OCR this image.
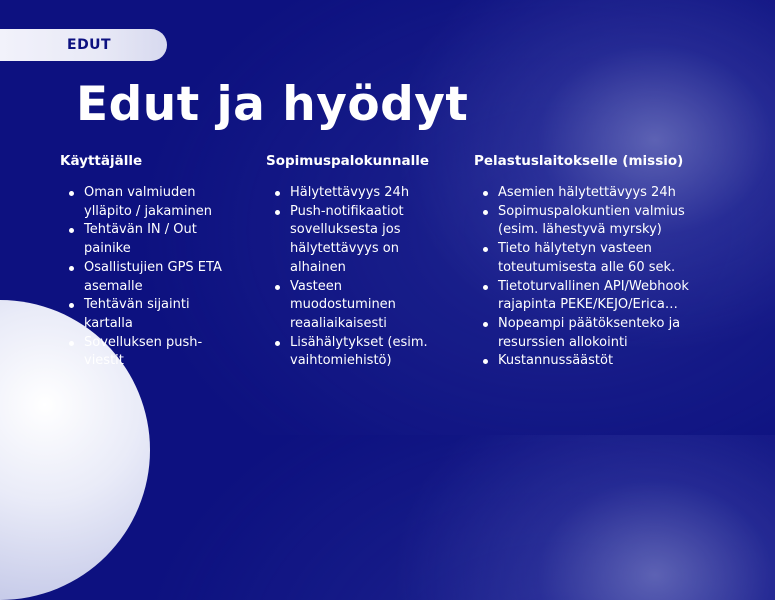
EDUT
Edut ja hyödyt
Käyttäjälle
Oman valmiuden ylläpito / jakaminen
Tehtävän IN / Out painike
Osallistujien GPS ETA asemalle
Tehtävän sijainti kartalla
Sovelluksen push-viestit
Sopimuspalokunnalle
Hälytettävyys 24h
Push-notifikaatiot sovelluksesta jos hälytettävyys on alhainen
Vasteen muodostuminen reaaliaikaisesti
Lisähälytykset (esim. vaihtomiehistö)
Pelastuslaitokselle (missio)
Asemien hälytettävyys 24h
Sopimuspalokuntien valmius (esim. lähestyvä myrsky)
Tieto hälytetyn vasteen toteutumisesta alle 60 sek.
Tietoturvallinen API/Webhook rajapinta PEKE/KEJO/Erica…
Nopeampi päätöksenteko ja resurssien allokointi
Kustannussäästöt
